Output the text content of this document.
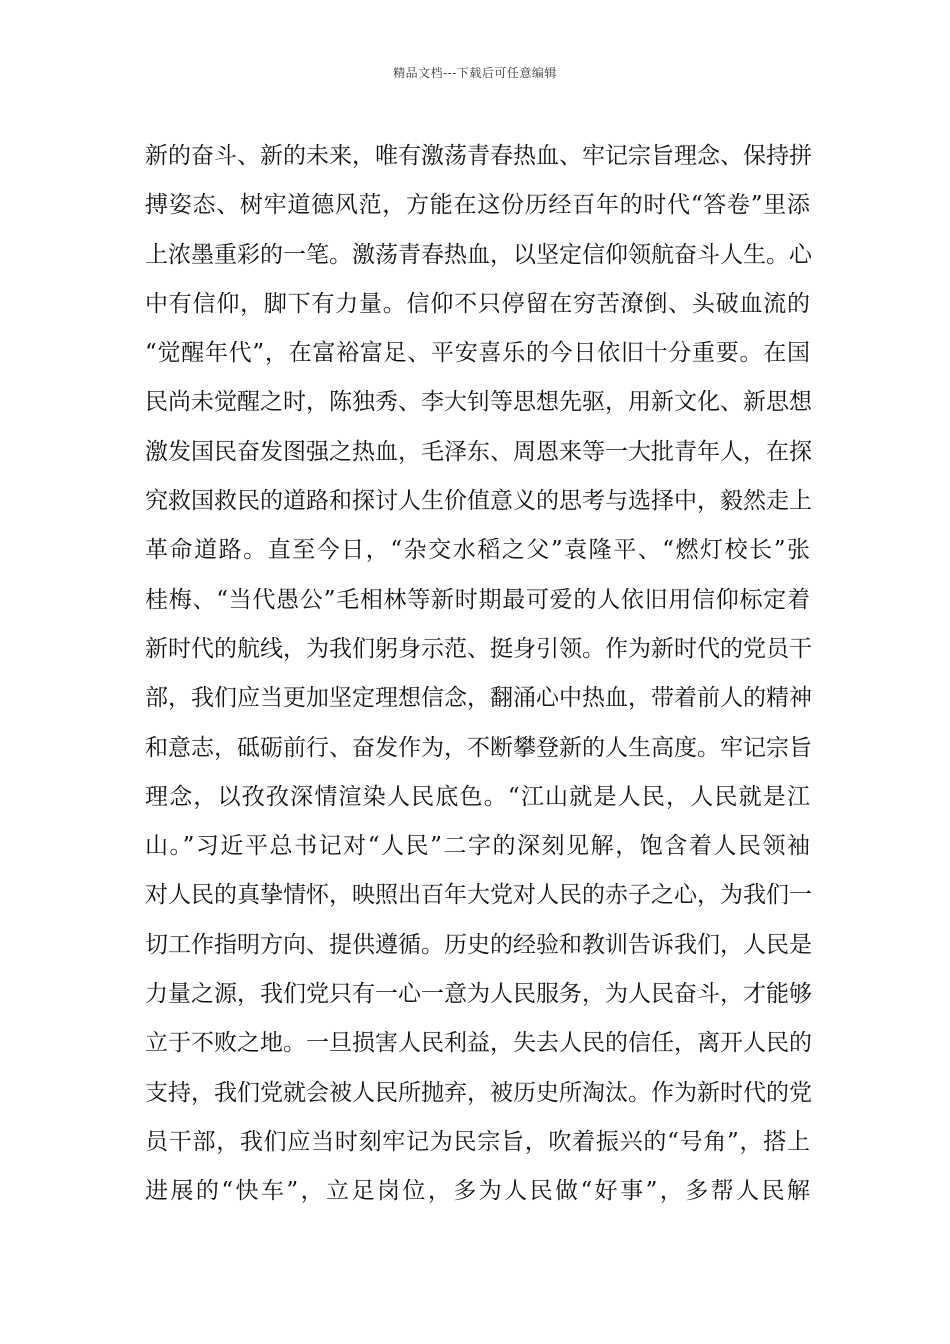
精品文档---下载后可任意编辑
新的奋斗、新的未来，唯有激荡青春热血、牢记宗旨理念、保持拼
搏姿态、树牢道德风范，方能在这份历经百年的时代“答卷”里添
上浓墨重彩的一笔。激荡青春热血，以坚定信仰领航奋斗人生。心
中有信仰，脚下有力量。信仰不只停留在穷苦潦倒、头破血流的
“觉醒年代”，在富裕富足、平安喜乐的今日依旧十分重要。在国
民尚未觉醒之时，陈独秀、李大钊等思想先驱，用新文化、新思想
激发国民奋发图强之热血，毛泽东、周恩来等一大批青年人，在探
究救国救民的道路和探讨人生价值意义的思考与选择中，毅然走上
革命道路。直至今日，“杂交水稻之父”袁隆平、“燃灯校长”张
桂梅、“当代愚公”毛相林等新时期最可爱的人依旧用信仰标定着
新时代的航线，为我们躬身示范、挺身引领。作为新时代的党员干
部，我们应当更加坚定理想信念，翻涌心中热血，带着前人的精神
和意志，砥砺前行、奋发作为，不断攀登新的人生高度。牢记宗旨
理念，以孜孜深情渲染人民底色。“江山就是人民，人民就是江
山。”习近平总书记对“人民”二字的深刻见解，饱含着人民领袖
对人民的真挚情怀，映照出百年大党对人民的赤子之心，为我们一
切工作指明方向、提供遵循。历史的经验和教训告诉我们，人民是
力量之源，我们党只有一心一意为人民服务，为人民奋斗，才能够
立于不败之地。一旦损害人民利益，失去人民的信任，离开人民的
支持，我们党就会被人民所抛弃，被历史所淘汰。作为新时代的党
员干部，我们应当时刻牢记为民宗旨，吹着振兴的“号角”，搭上
进展的“快车”，立足岗位，多为人民做“好事”，多帮人民解
